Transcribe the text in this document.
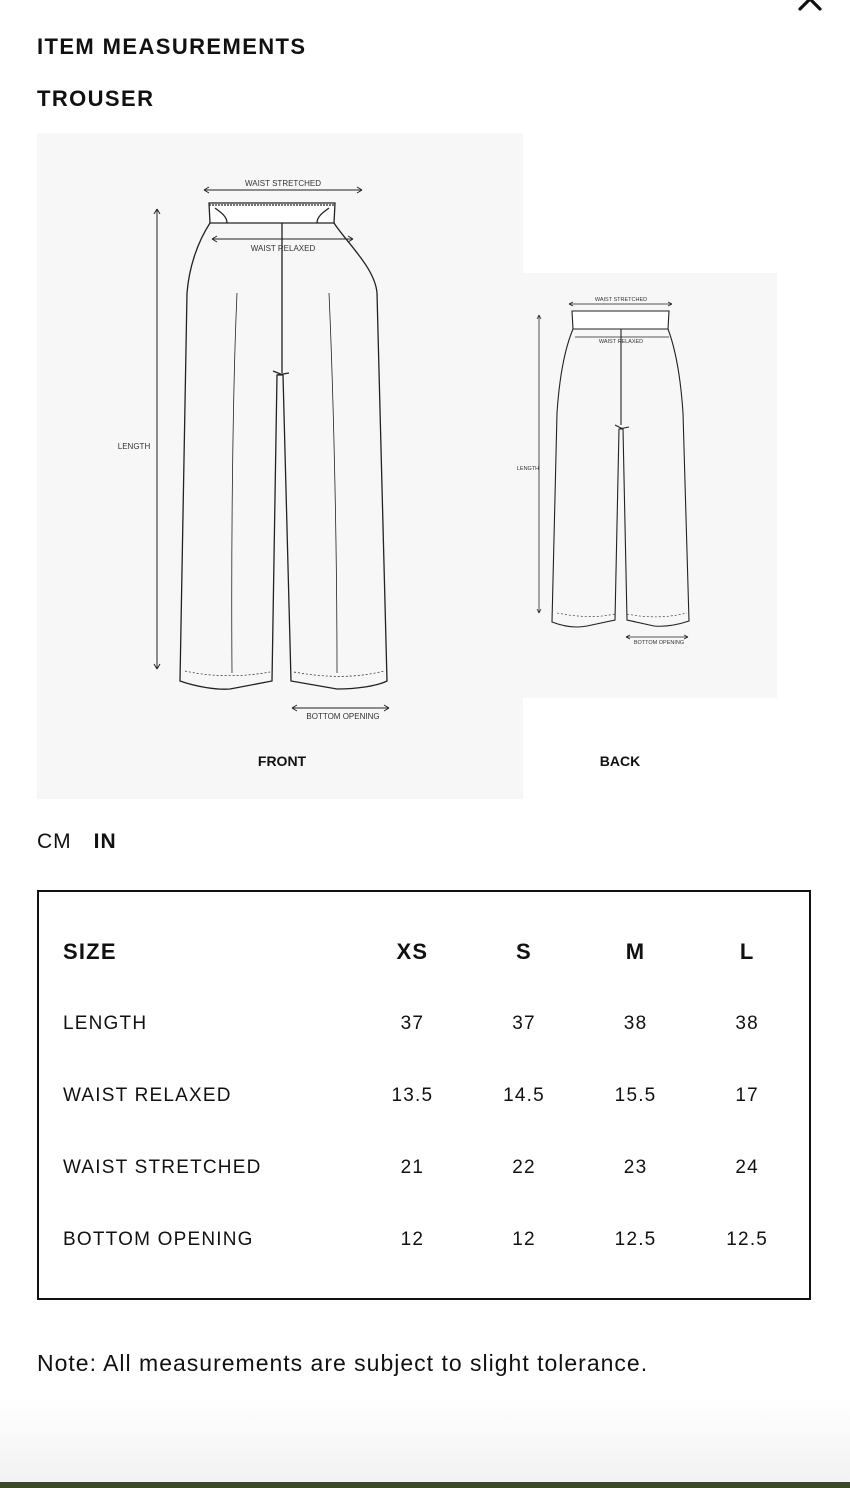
ITEM MEASUREMENTS
TROUSER
WAIST STRETCHED
WAIST RELAXED
LENGTH
BOTTOM OPENING
FRONT
WAIST STRETCHED
WAIST RELAXED
LENGTH
BOTTOM OPENING
BACK
CM IN
SIZE	XS	S	M	L
LENGTH	37	37	38	38
WAIST RELAXED	13.5	14.5	15.5	17
WAIST STRETCHED	21	22	23	24
BOTTOM OPENING	12	12	12.5	12.5

Note: All measurements are subject to slight tolerance.
